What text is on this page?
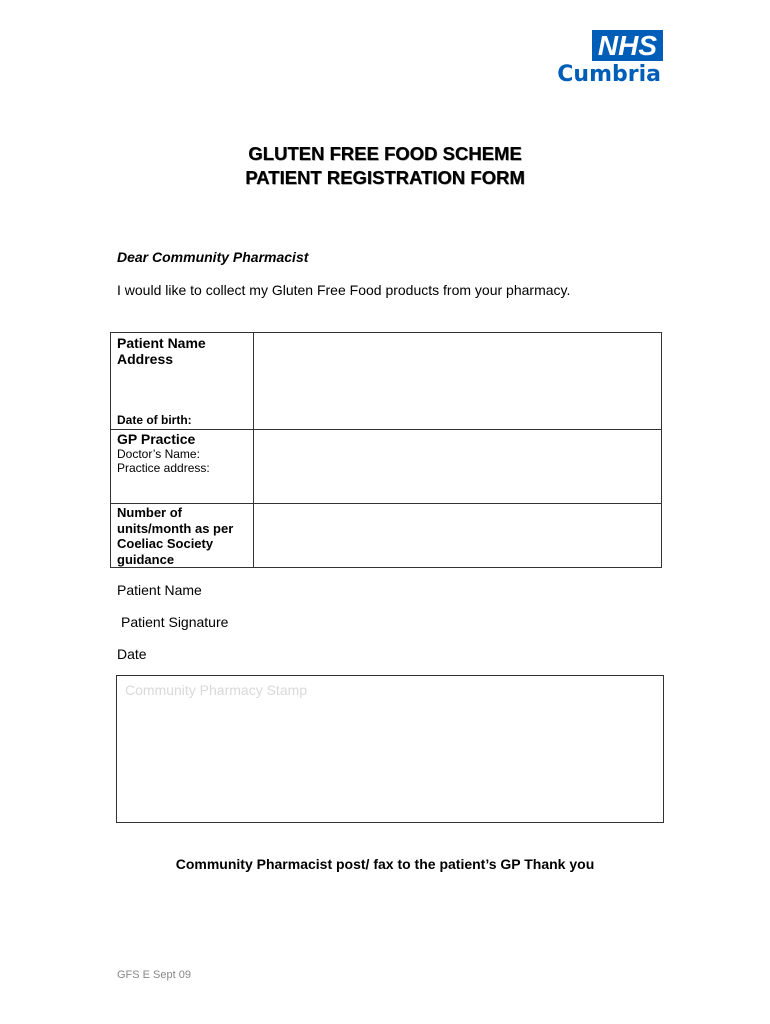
NHS
Cumbria
GLUTEN FREE FOOD SCHEME
PATIENT REGISTRATION FORM
Dear Community Pharmacist
I would like to collect my Gluten Free Food products from your pharmacy.
Patient Name
Address
Date of birth:	

GP Practice
Doctor’s Name:
Practice address:	

Number of units/month as per Coeliac Society guidance	

Patient Name
Patient Signature
Date
Community Pharmacy Stamp
Community Pharmacist post/ fax to the patient’s GP Thank you
GFS E Sept 09
